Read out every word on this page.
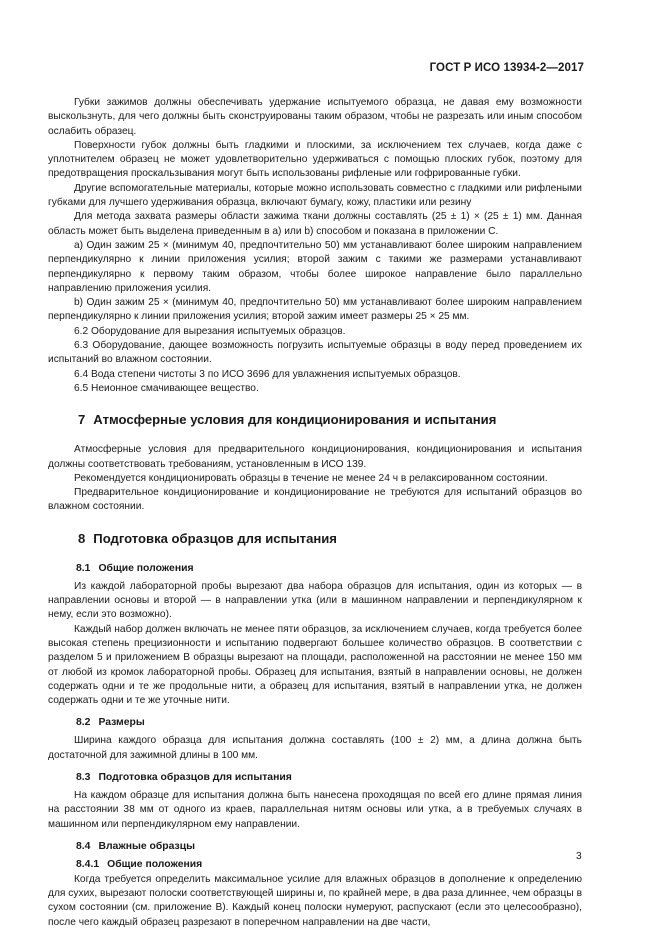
ГОСТ Р ИСО 13934-2—2017

Губки зажимов должны обеспечивать удержание испытуемого образца, не давая ему возможности выскользнуть, для чего должны быть сконструированы таким образом, чтобы не разрезать или иным способом ослабить образец.

Поверхности губок должны быть гладкими и плоскими, за исключением тех случаев, когда даже с уплотнителем образец не может удовлетворительно удерживаться с помощью плоских губок, поэтому для предотвращения проскальзывания могут быть использованы рифленые или гофрированные губки.

Другие вспомогательные материалы, которые можно использовать совместно с гладкими или рифлеными губками для лучшего удерживания образца, включают бумагу, кожу, пластики или резину

Для метода захвата размеры области зажима ткани должны составлять (25 ± 1) × (25 ± 1) мм. Данная область может быть выделена приведенным в а) или b) способом и показана в приложении С.

а) Один зажим 25 × (минимум 40, предпочтительно 50) мм устанавливают более широким направлением перпендикулярно к линии приложения усилия; второй зажим с такими же размерами устанавливают перпендикулярно к первому таким образом, чтобы более широкое направление было параллельно направлению приложения усилия.

b) Один зажим 25 × (минимум 40, предпочтительно 50) мм устанавливают более широким направлением перпендикулярно к линии приложения усилия; второй зажим имеет размеры 25 × 25 мм.

6.2 Оборудование для вырезания испытуемых образцов.

6.3 Оборудование, дающее возможность погрузить испытуемые образцы в воду перед проведением их испытаний во влажном состоянии.

6.4 Вода степени чистоты 3 по ИСО 3696 для увлажнения испытуемых образцов.

6.5 Неионное смачивающее вещество.

7 Атмосферные условия для кондиционирования и испытания

Атмосферные условия для предварительного кондиционирования, кондиционирования и испытания должны соответствовать требованиям, установленным в ИСО 139.

Рекомендуется кондиционировать образцы в течение не менее 24 ч в релаксированном состоянии.

Предварительное кондиционирование и кондиционирование не требуются для испытаний образцов во влажном состоянии.

8 Подготовка образцов для испытания
8.1 Общие положения

Из каждой лабораторной пробы вырезают два набора образцов для испытания, один из которых — в направлении основы и второй — в направлении утка (или в машинном направлении и перпендикулярном к нему, если это возможно).

Каждый набор должен включать не менее пяти образцов, за исключением случаев, когда требуется более высокая степень прецизионности и испытанию подвергают большее количество образцов. В соответствии с разделом 5 и приложением В образцы вырезают на площади, расположенной на расстоянии не менее 150 мм от любой из кромок лабораторной пробы. Образец для испытания, взятый в направлении основы, не должен содержать одни и те же продольные нити, а образец для испытания, взятый в направлении утка, не должен содержать одни и те же уточные нити.

8.2 Размеры

Ширина каждого образца для испытания должна составлять (100 ± 2) мм, а длина должна быть достаточной для зажимной длины в 100 мм.

8.3 Подготовка образцов для испытания

На каждом образце для испытания должна быть нанесена проходящая по всей его длине прямая линия на расстоянии 38 мм от одного из краев, параллельная нитям основы или утка, а в требуемых случаях в машинном или перпендикулярном ему направлении.

8.4 Влажные образцы
8.4.1 Общие положения

Когда требуется определить максимальное усилие для влажных образцов в дополнение к определению для сухих, вырезают полоски соответствующей ширины и, по крайней мере, в два раза длиннее, чем образцы в сухом состоянии (см. приложение В). Каждый конец полоски нумеруют, распускают (если это целесообразно), после чего каждый образец разрезают в поперечном направлении на две части,

3
